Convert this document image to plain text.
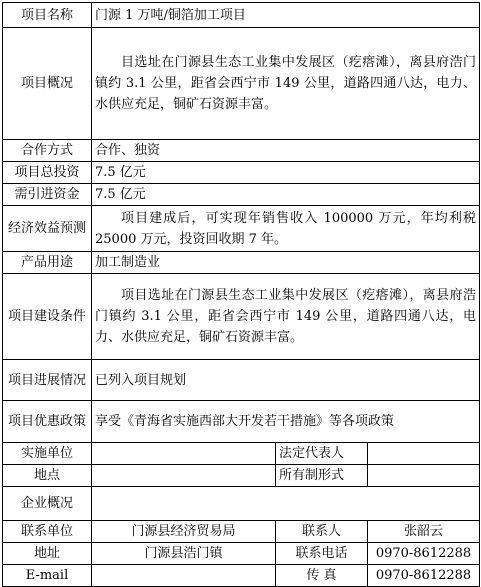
项目名称	门源 1 万吨/铜箔加工项目		
项目概况	目选址在门源县生态工业集中发展区（疙瘩滩），离县府浩门镇约 3.1 公里，距省会西宁市 149 公里，道路四通八达，电力、水供应充足，铜矿石资源丰富。		
合作方式	合作、独资		
项目总投资	7.5 亿元		
需引进资金	7.5 亿元		
经济效益预测	项目建成后，可实现年销售收入 100000 万元，年均利税 25000 万元，投资回收期 7 年。		
产品用途	加工制造业		
项目建设条件	项目选址在门源县生态工业集中发展区（疙瘩滩），离县府浩门镇约 3.1 公里，距省会西宁市 149 公里，道路四通八达，电力、水供应充足，铜矿石资源丰富。		
项目进展情况	已列入项目规划		
项目优惠政策	享受《青海省实施西部大开发若干措施》等各项政策		
实施单位		法定代表人	
地点		所有制形式	
企业概况			
联系单位	门源县经济贸易局	联系人	张韶云
地址	门源县浩门镇	联系电话	0970-8612288
E-mail		传 真	0970-8612288
